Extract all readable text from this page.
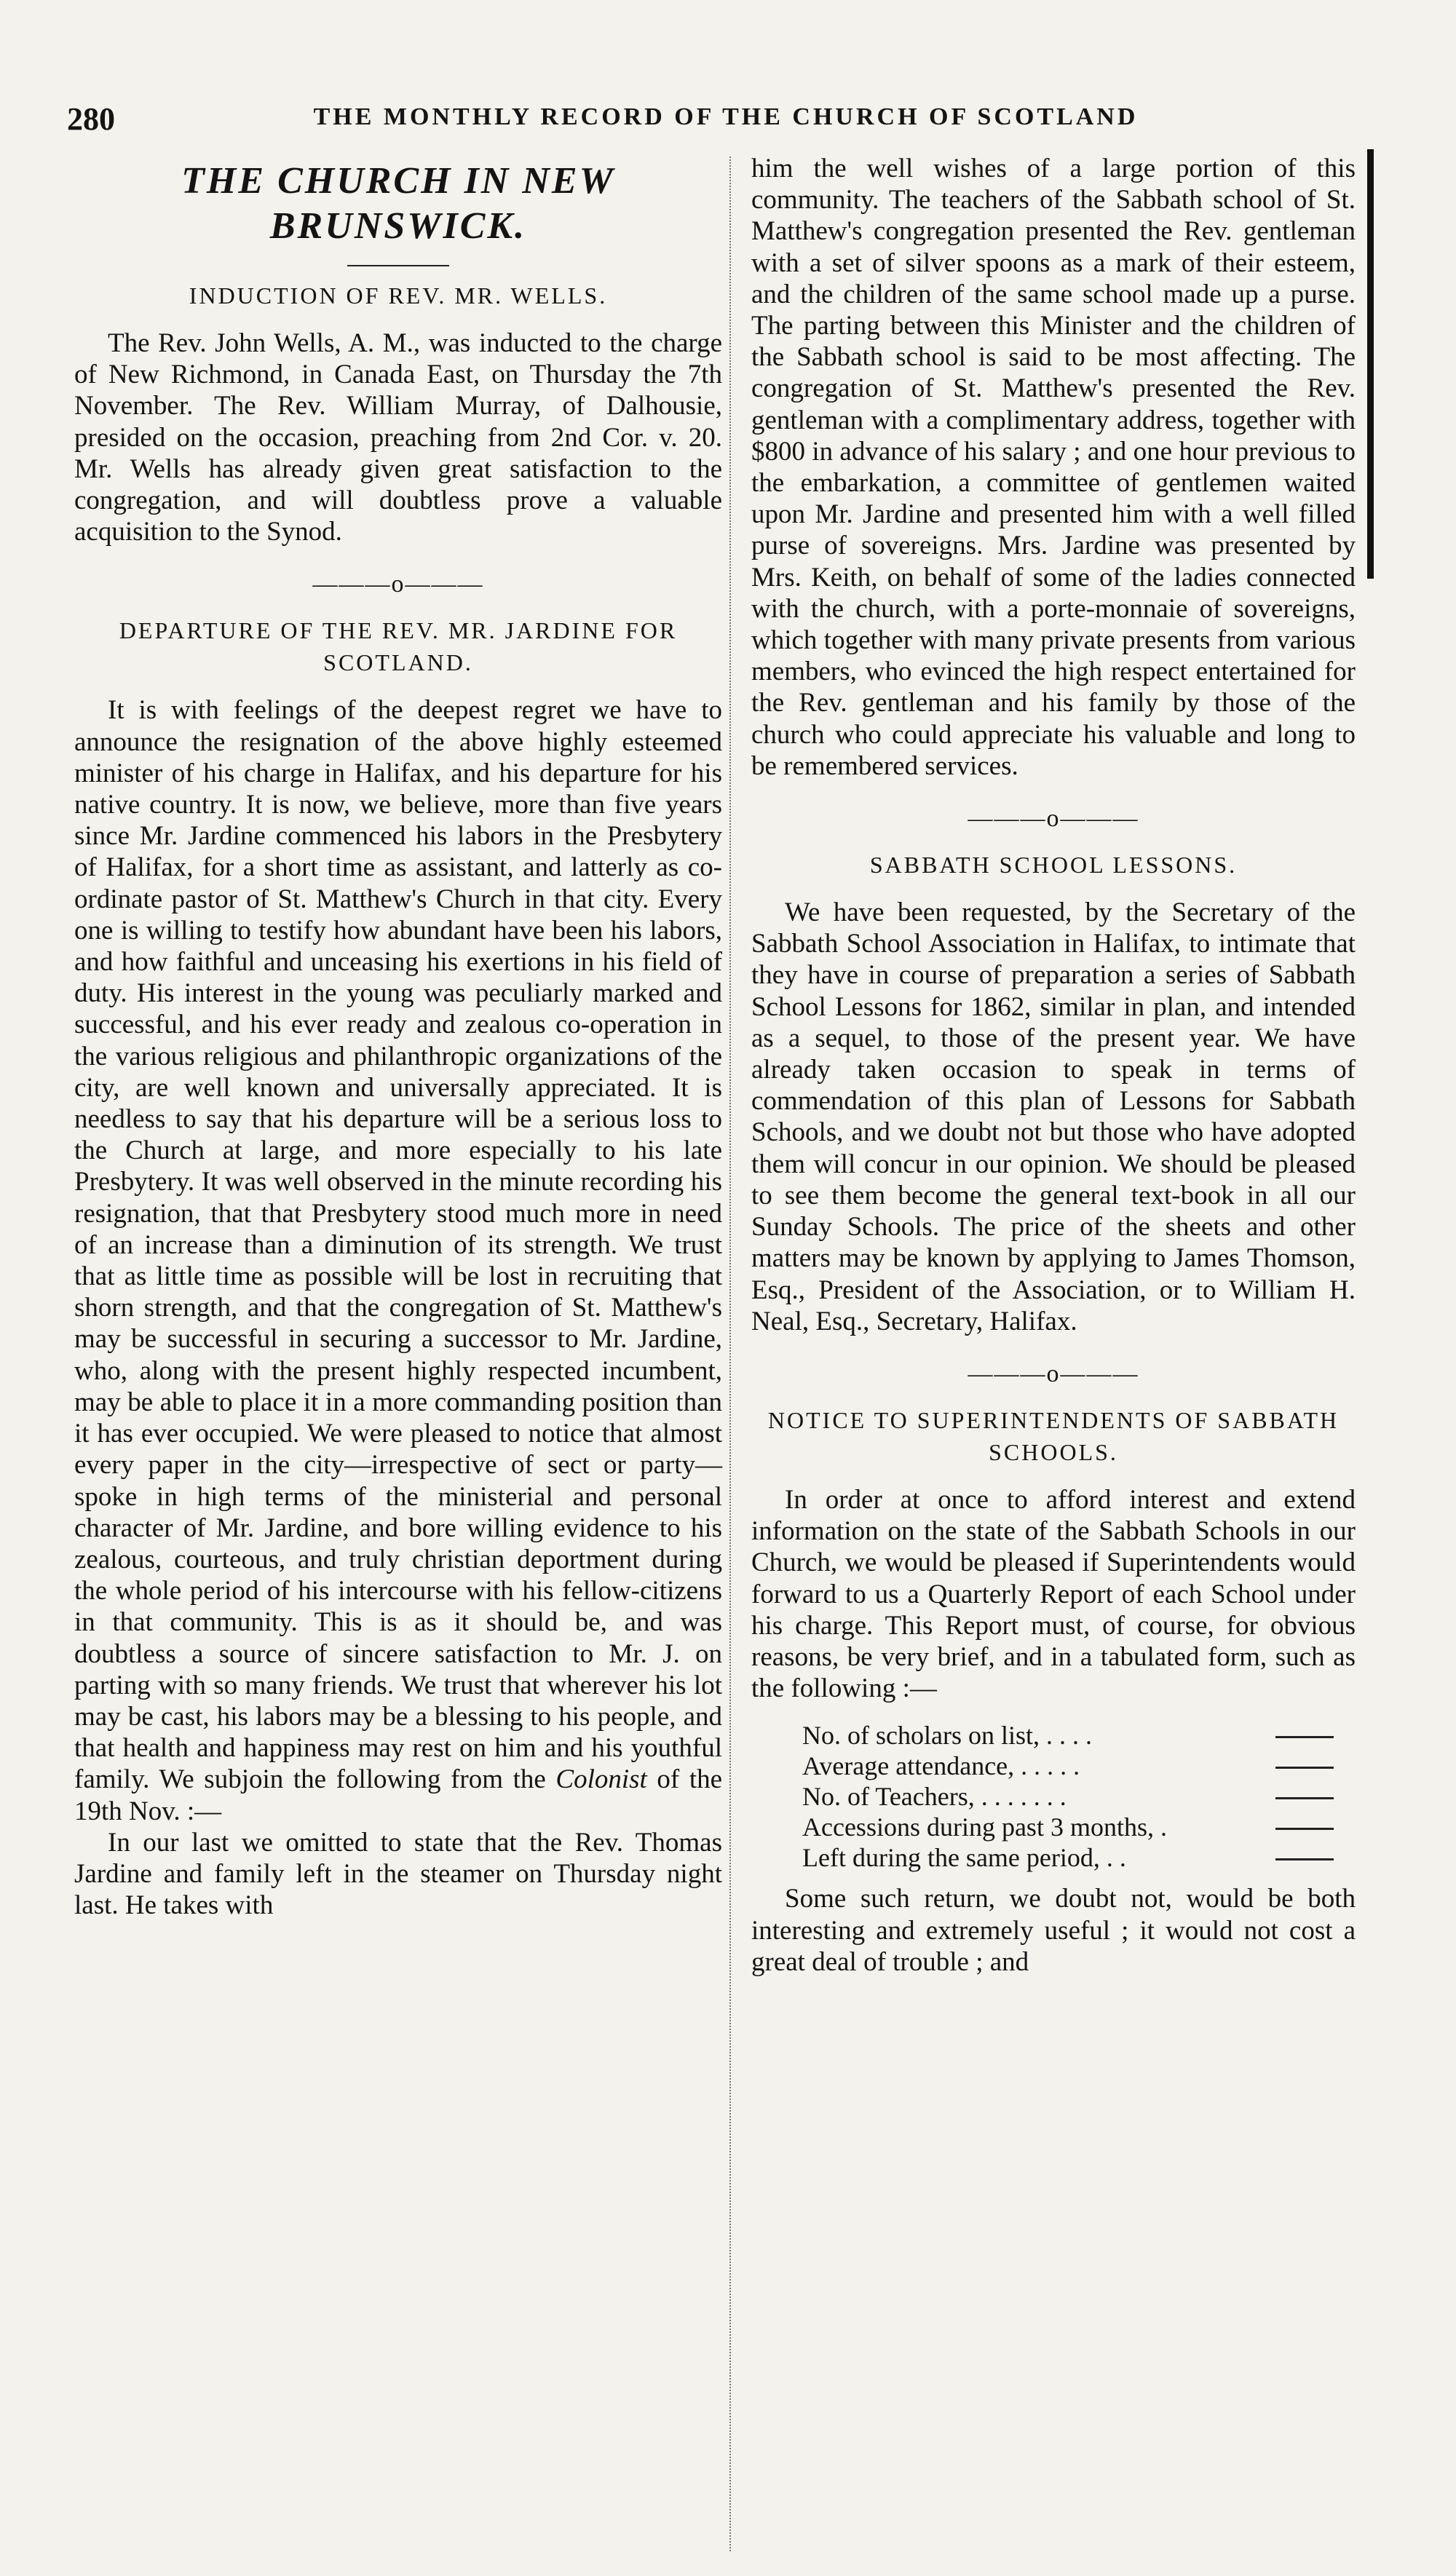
280	THE MONTHLY RECORD OF THE CHURCH OF SCOTLAND
THE CHURCH IN NEW BRUNSWICK.
INDUCTION OF REV. MR. WELLS.

The Rev. John Wells, A. M., was inducted to the charge of New Richmond, in Canada East, on Thursday the 7th November. The Rev. William Murray, of Dalhousie, presided on the occasion, preaching from 2nd Cor. v. 20. Mr. Wells has already given great satisfaction to the congregation, and will doubtless prove a valuable acquisition to the Synod.

———o———
DEPARTURE OF THE REV. MR. JARDINE FOR
SCOTLAND.

It is with feelings of the deepest regret we have to announce the resignation of the above highly esteemed minister of his charge in Halifax, and his departure for his native country. It is now, we believe, more than five years since Mr. Jardine commenced his labors in the Presbytery of Halifax, for a short time as assistant, and latterly as co-ordinate pastor of St. Matthew's Church in that city. Every one is willing to testify how abundant have been his labors, and how faithful and unceasing his exertions in his field of duty. His interest in the young was peculiarly marked and successful, and his ever ready and zealous co-operation in the various religious and philanthropic organizations of the city, are well known and universally appreciated. It is needless to say that his departure will be a serious loss to the Church at large, and more especially to his late Presbytery. It was well observed in the minute recording his resignation, that that Presbytery stood much more in need of an increase than a diminution of its strength. We trust that as little time as possible will be lost in recruiting that shorn strength, and that the congregation of St. Matthew's may be successful in securing a successor to Mr. Jardine, who, along with the present highly respected incumbent, may be able to place it in a more commanding position than it has ever occupied. We were pleased to notice that almost every paper in the city—irrespective of sect or party—spoke in high terms of the ministerial and personal character of Mr. Jardine, and bore willing evidence to his zealous, courteous, and truly christian deportment during the whole period of his intercourse with his fellow-citizens in that community. This is as it should be, and was doubtless a source of sincere satisfaction to Mr. J. on parting with so many friends. We trust that wherever his lot may be cast, his labors may be a blessing to his people, and that health and happiness may rest on him and his youthful family. We subjoin the following from the Colonist of the 19th Nov. :—

In our last we omitted to state that the Rev. Thomas Jardine and family left in the steamer on Thursday night last. He takes with

him the well wishes of a large portion of this community. The teachers of the Sabbath school of St. Matthew's congregation presented the Rev. gentleman with a set of silver spoons as a mark of their esteem, and the children of the same school made up a purse. The parting between this Minister and the children of the Sabbath school is said to be most affecting. The congregation of St. Matthew's presented the Rev. gentleman with a complimentary address, together with $800 in advance of his salary ; and one hour previous to the embarkation, a committee of gentlemen waited upon Mr. Jardine and presented him with a well filled purse of sovereigns. Mrs. Jardine was presented by Mrs. Keith, on behalf of some of the ladies connected with the church, with a porte-monnaie of sovereigns, which together with many private presents from various members, who evinced the high respect entertained for the Rev. gentleman and his family by those of the church who could appreciate his valuable and long to be remembered services.

———o———
SABBATH SCHOOL LESSONS.

We have been requested, by the Secretary of the Sabbath School Association in Halifax, to intimate that they have in course of preparation a series of Sabbath School Lessons for 1862, similar in plan, and intended as a sequel, to those of the present year. We have already taken occasion to speak in terms of commendation of this plan of Lessons for Sabbath Schools, and we doubt not but those who have adopted them will concur in our opinion. We should be pleased to see them become the general text-book in all our Sunday Schools. The price of the sheets and other matters may be known by applying to James Thomson, Esq., President of the Association, or to William H. Neal, Esq., Secretary, Halifax.

———o———
NOTICE TO SUPERINTENDENTS OF SABBATH
SCHOOLS.

In order at once to afford interest and extend information on the state of the Sabbath Schools in our Church, we would be pleased if Superintendents would forward to us a Quarterly Report of each School under his charge. This Report must, of course, for obvious reasons, be very brief, and in a tabulated form, such as the following :—

No. of scholars on list, . . . .
Average attendance, . . . . .
No. of Teachers, . . . . . . .
Accessions during past 3 months, .
Left during the same period, . .

Some such return, we doubt not, would be both interesting and extremely useful ; it would not cost a great deal of trouble ; and
